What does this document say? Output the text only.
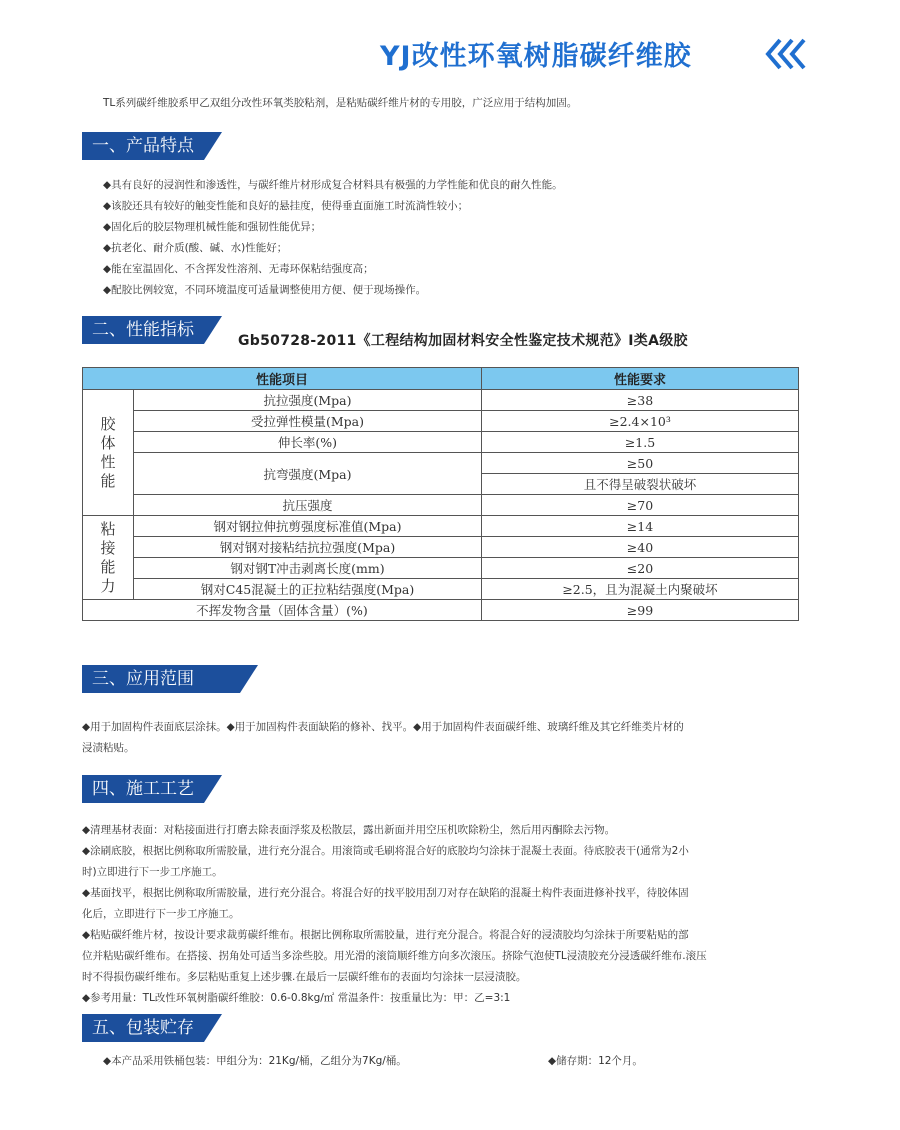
YJ改性环氧树脂碳纤维胶
TL系列碳纤维胶系甲乙双组分改性环氧类胶粘剂，是粘贴碳纤维片材的专用胶，广泛应用于结构加固。
一、产品特点
◆具有良好的浸润性和渗透性，与碳纤维片材形成复合材料具有极强的力学性能和优良的耐久性能。
◆该胶还具有较好的触变性能和良好的悬挂度，使得垂直面施工时流淌性较小；
◆固化后的胶层物理机械性能和强韧性能优异；
◆抗老化、耐介质(酸、碱、水)性能好；
◆能在室温固化、不含挥发性溶剂、无毒环保粘结强度高；
◆配胶比例较宽，不同环境温度可适量调整使用方便、便于现场操作。
二、性能指标
Gb50728-2011《工程结构加固材料安全性鉴定技术规范》I类A级胶
性能项目		性能要求
胶体性能	抗拉强度(Mpa)	≥38
	受拉弹性模量(Mpa)	≥2.4×10³
	伸长率(%)	≥1.5
	抗弯强度(Mpa)	≥50
		且不得呈破裂状破坏
	抗压强度	≥70
粘接能力	钢对钢拉伸抗剪强度标准值(Mpa)	≥14
	钢对钢对接粘结抗拉强度(Mpa)	≥40
	钢对钢T冲击剥离长度(mm)	≤20
	钢对C45混凝土的正拉粘结强度(Mpa)	≥2.5，且为混凝土内聚破坏
不挥发物含量（固体含量）(%)		≥99
三、应用范围
◆用于加固构件表面底层涂抹。◆用于加固构件表面缺陷的修补、找平。◆用于加固构件表面碳纤维、玻璃纤维及其它纤维类片材的
浸渍粘贴。
四、施工工艺
◆清理基材表面：对粘接面进行打磨去除表面浮浆及松散层，露出新面并用空压机吹除粉尘，然后用丙酮除去污物。
◆涂刷底胶，根据比例称取所需胶量，进行充分混合。用滚筒或毛刷将混合好的底胶均匀涂抹于混凝土表面。待底胶表干(通常为2小
时)立即进行下一步工序施工。
◆基面找平，根据比例称取所需胶量，进行充分混合。将混合好的找平胶用刮刀对存在缺陷的混凝土构件表面进修补找平，待胶体固
化后，立即进行下一步工序施工。
◆粘贴碳纤维片材，按设计要求裁剪碳纤维布。根据比例称取所需胶量，进行充分混合。将混合好的浸渍胶均匀涂抹于所要粘贴的部
位并粘贴碳纤维布。在搭接、拐角处可适当多涂些胶。用光滑的滚筒顺纤维方向多次滚压。挤除气泡使TL浸渍胶充分浸透碳纤维布.滚压
时不得损伤碳纤维布。多层粘贴重复上述步骤.在最后一层碳纤维布的表面均匀涂抹一层浸渍胶。
◆参考用量：TL改性环氧树脂碳纤维胶：0.6-0.8kg/㎡ 常温条件：按重量比为：甲：乙=3:1
五、包装贮存
◆本产品采用铁桶包装：甲组分为：21Kg/桶，乙组分为7Kg/桶。	◆储存期：12个月。
